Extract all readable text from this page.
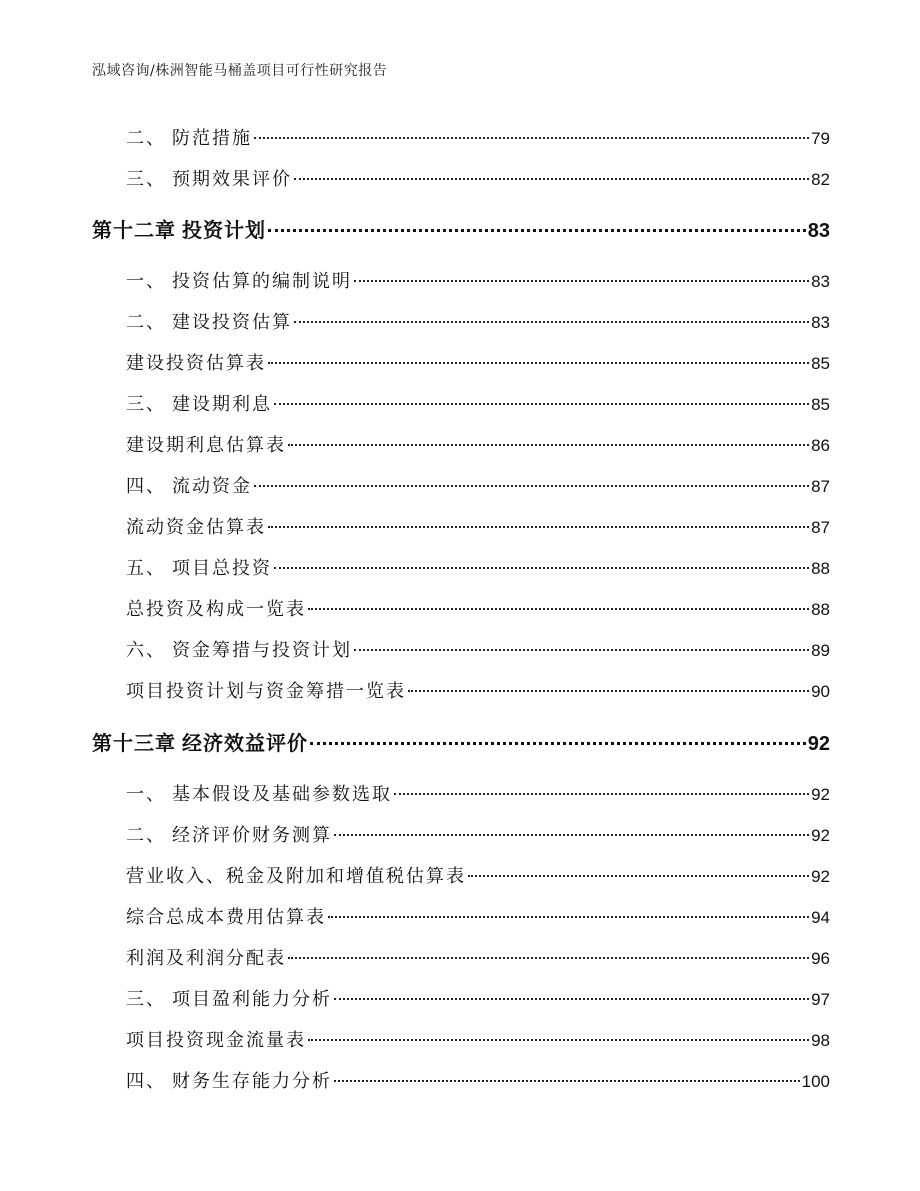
泓域咨询/株洲智能马桶盖项目可行性研究报告
二、 防范措施	79
三、 预期效果评价	82
第十二章 投资计划	83
一、 投资估算的编制说明	83
二、 建设投资估算	83
建设投资估算表	85
三、 建设期利息	85
建设期利息估算表	86
四、 流动资金	87
流动资金估算表	87
五、 项目总投资	88
总投资及构成一览表	88
六、 资金筹措与投资计划	89
项目投资计划与资金筹措一览表	90
第十三章 经济效益评价	92
一、 基本假设及基础参数选取	92
二、 经济评价财务测算	92
营业收入、税金及附加和增值税估算表	92
综合总成本费用估算表	94
利润及利润分配表	96
三、 项目盈利能力分析	97
项目投资现金流量表	98
四、 财务生存能力分析	100
